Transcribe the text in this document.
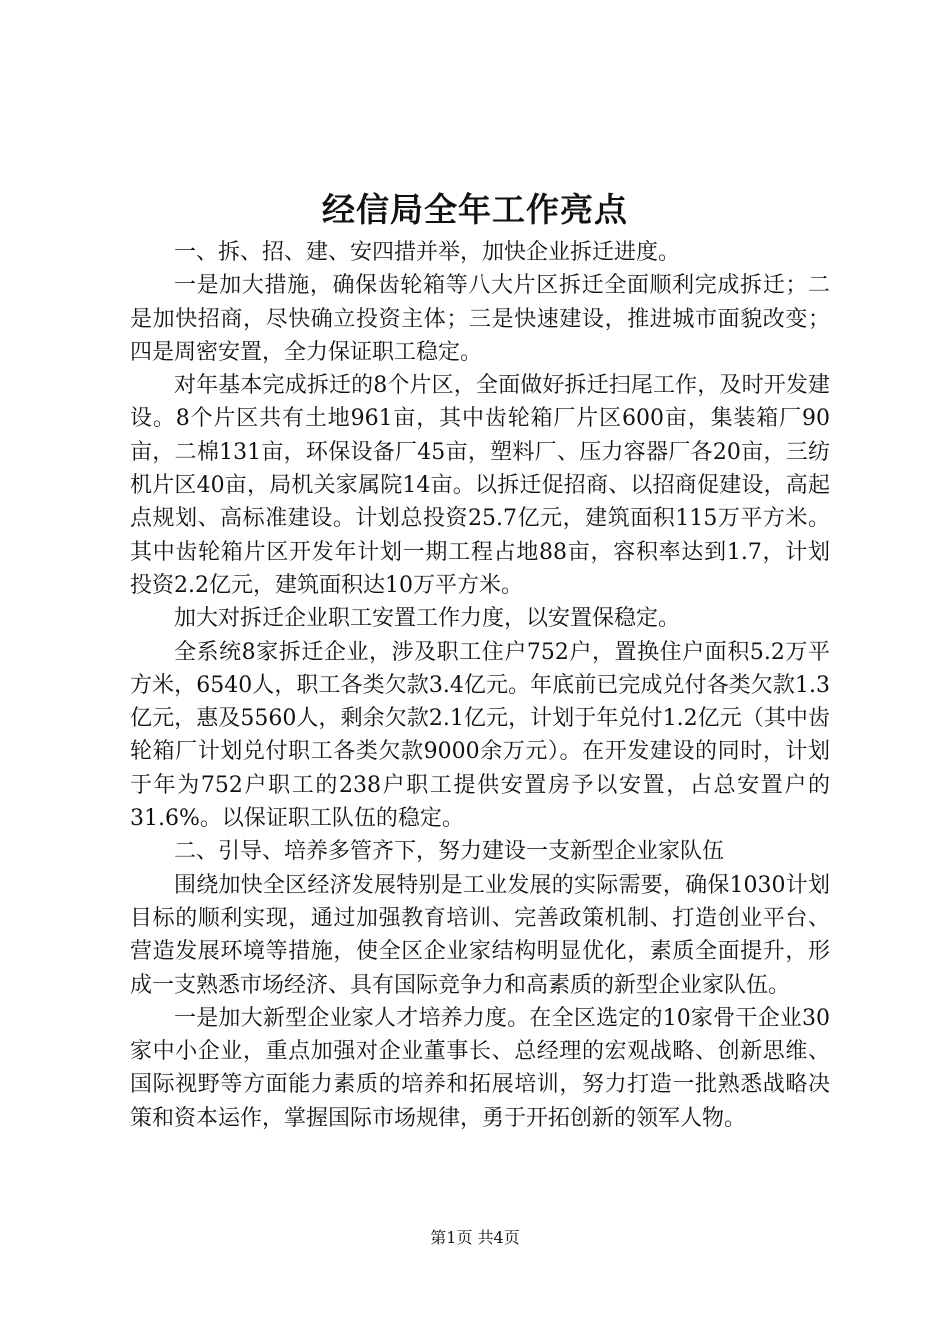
经信局全年工作亮点

一、拆、招、建、安四措并举，加快企业拆迁进度。

一是加大措施，确保齿轮箱等八大片区拆迁全面顺利完成拆迁；二是加快招商，尽快确立投资主体；三是快速建设，推进城市面貌改变；四是周密安置，全力保证职工稳定。

对年基本完成拆迁的8个片区，全面做好拆迁扫尾工作，及时开发建设。8个片区共有土地961亩，其中齿轮箱厂片区600亩，集装箱厂90亩，二棉131亩，环保设备厂45亩，塑料厂、压力容器厂各20亩，三纺机片区40亩，局机关家属院14亩。以拆迁促招商、以招商促建设，高起点规划、高标准建设。计划总投资25.7亿元，建筑面积115万平方米。其中齿轮箱片区开发年计划一期工程占地88亩，容积率达到1.7，计划投资2.2亿元，建筑面积达10万平方米。

加大对拆迁企业职工安置工作力度，以安置保稳定。

全系统8家拆迁企业，涉及职工住户752户，置换住户面积5.2万平方米，6540人，职工各类欠款3.4亿元。年底前已完成兑付各类欠款1.3亿元，惠及5560人，剩余欠款2.1亿元，计划于年兑付1.2亿元（其中齿轮箱厂计划兑付职工各类欠款9000余万元）。在开发建设的同时，计划于年为752户职工的238户职工提供安置房予以安置，占总安置户的31.6%。以保证职工队伍的稳定。

二、引导、培养多管齐下，努力建设一支新型企业家队伍

围绕加快全区经济发展特别是工业发展的实际需要，确保1030计划目标的顺利实现，通过加强教育培训、完善政策机制、打造创业平台、营造发展环境等措施，使全区企业家结构明显优化，素质全面提升，形成一支熟悉市场经济、具有国际竞争力和高素质的新型企业家队伍。

一是加大新型企业家人才培养力度。在全区选定的10家骨干企业30家中小企业，重点加强对企业董事长、总经理的宏观战略、创新思维、国际视野等方面能力素质的培养和拓展培训，努力打造一批熟悉战略决策和资本运作，掌握国际市场规律，勇于开拓创新的领军人物。

第1页 共4页
